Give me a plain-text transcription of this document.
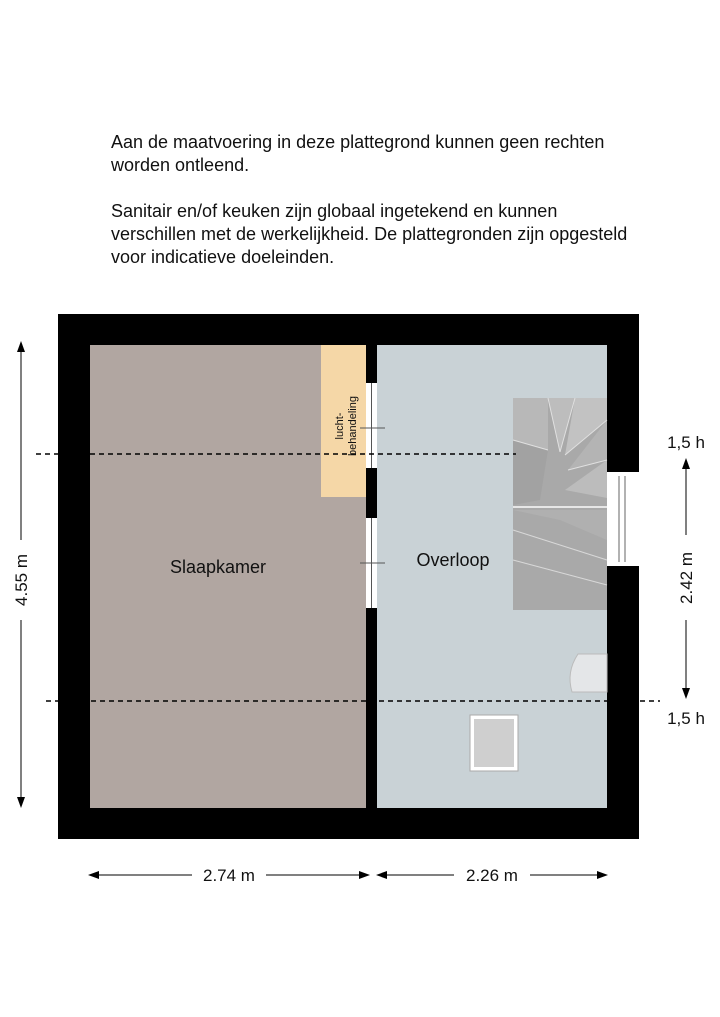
Aan de maatvoering in deze plattegrond kunnen geen rechten worden ontleend.

Sanitair en/of keuken zijn globaal ingetekend en kunnen verschillen met de werkelijkheid. De plattegronden zijn opgesteld voor indicatieve doeleinden.

4.55 m	2.42 m
2.74 m	2.26 m
1,5 h
1,5 h
Slaapkamer	Overloop
lucht- behandeling
